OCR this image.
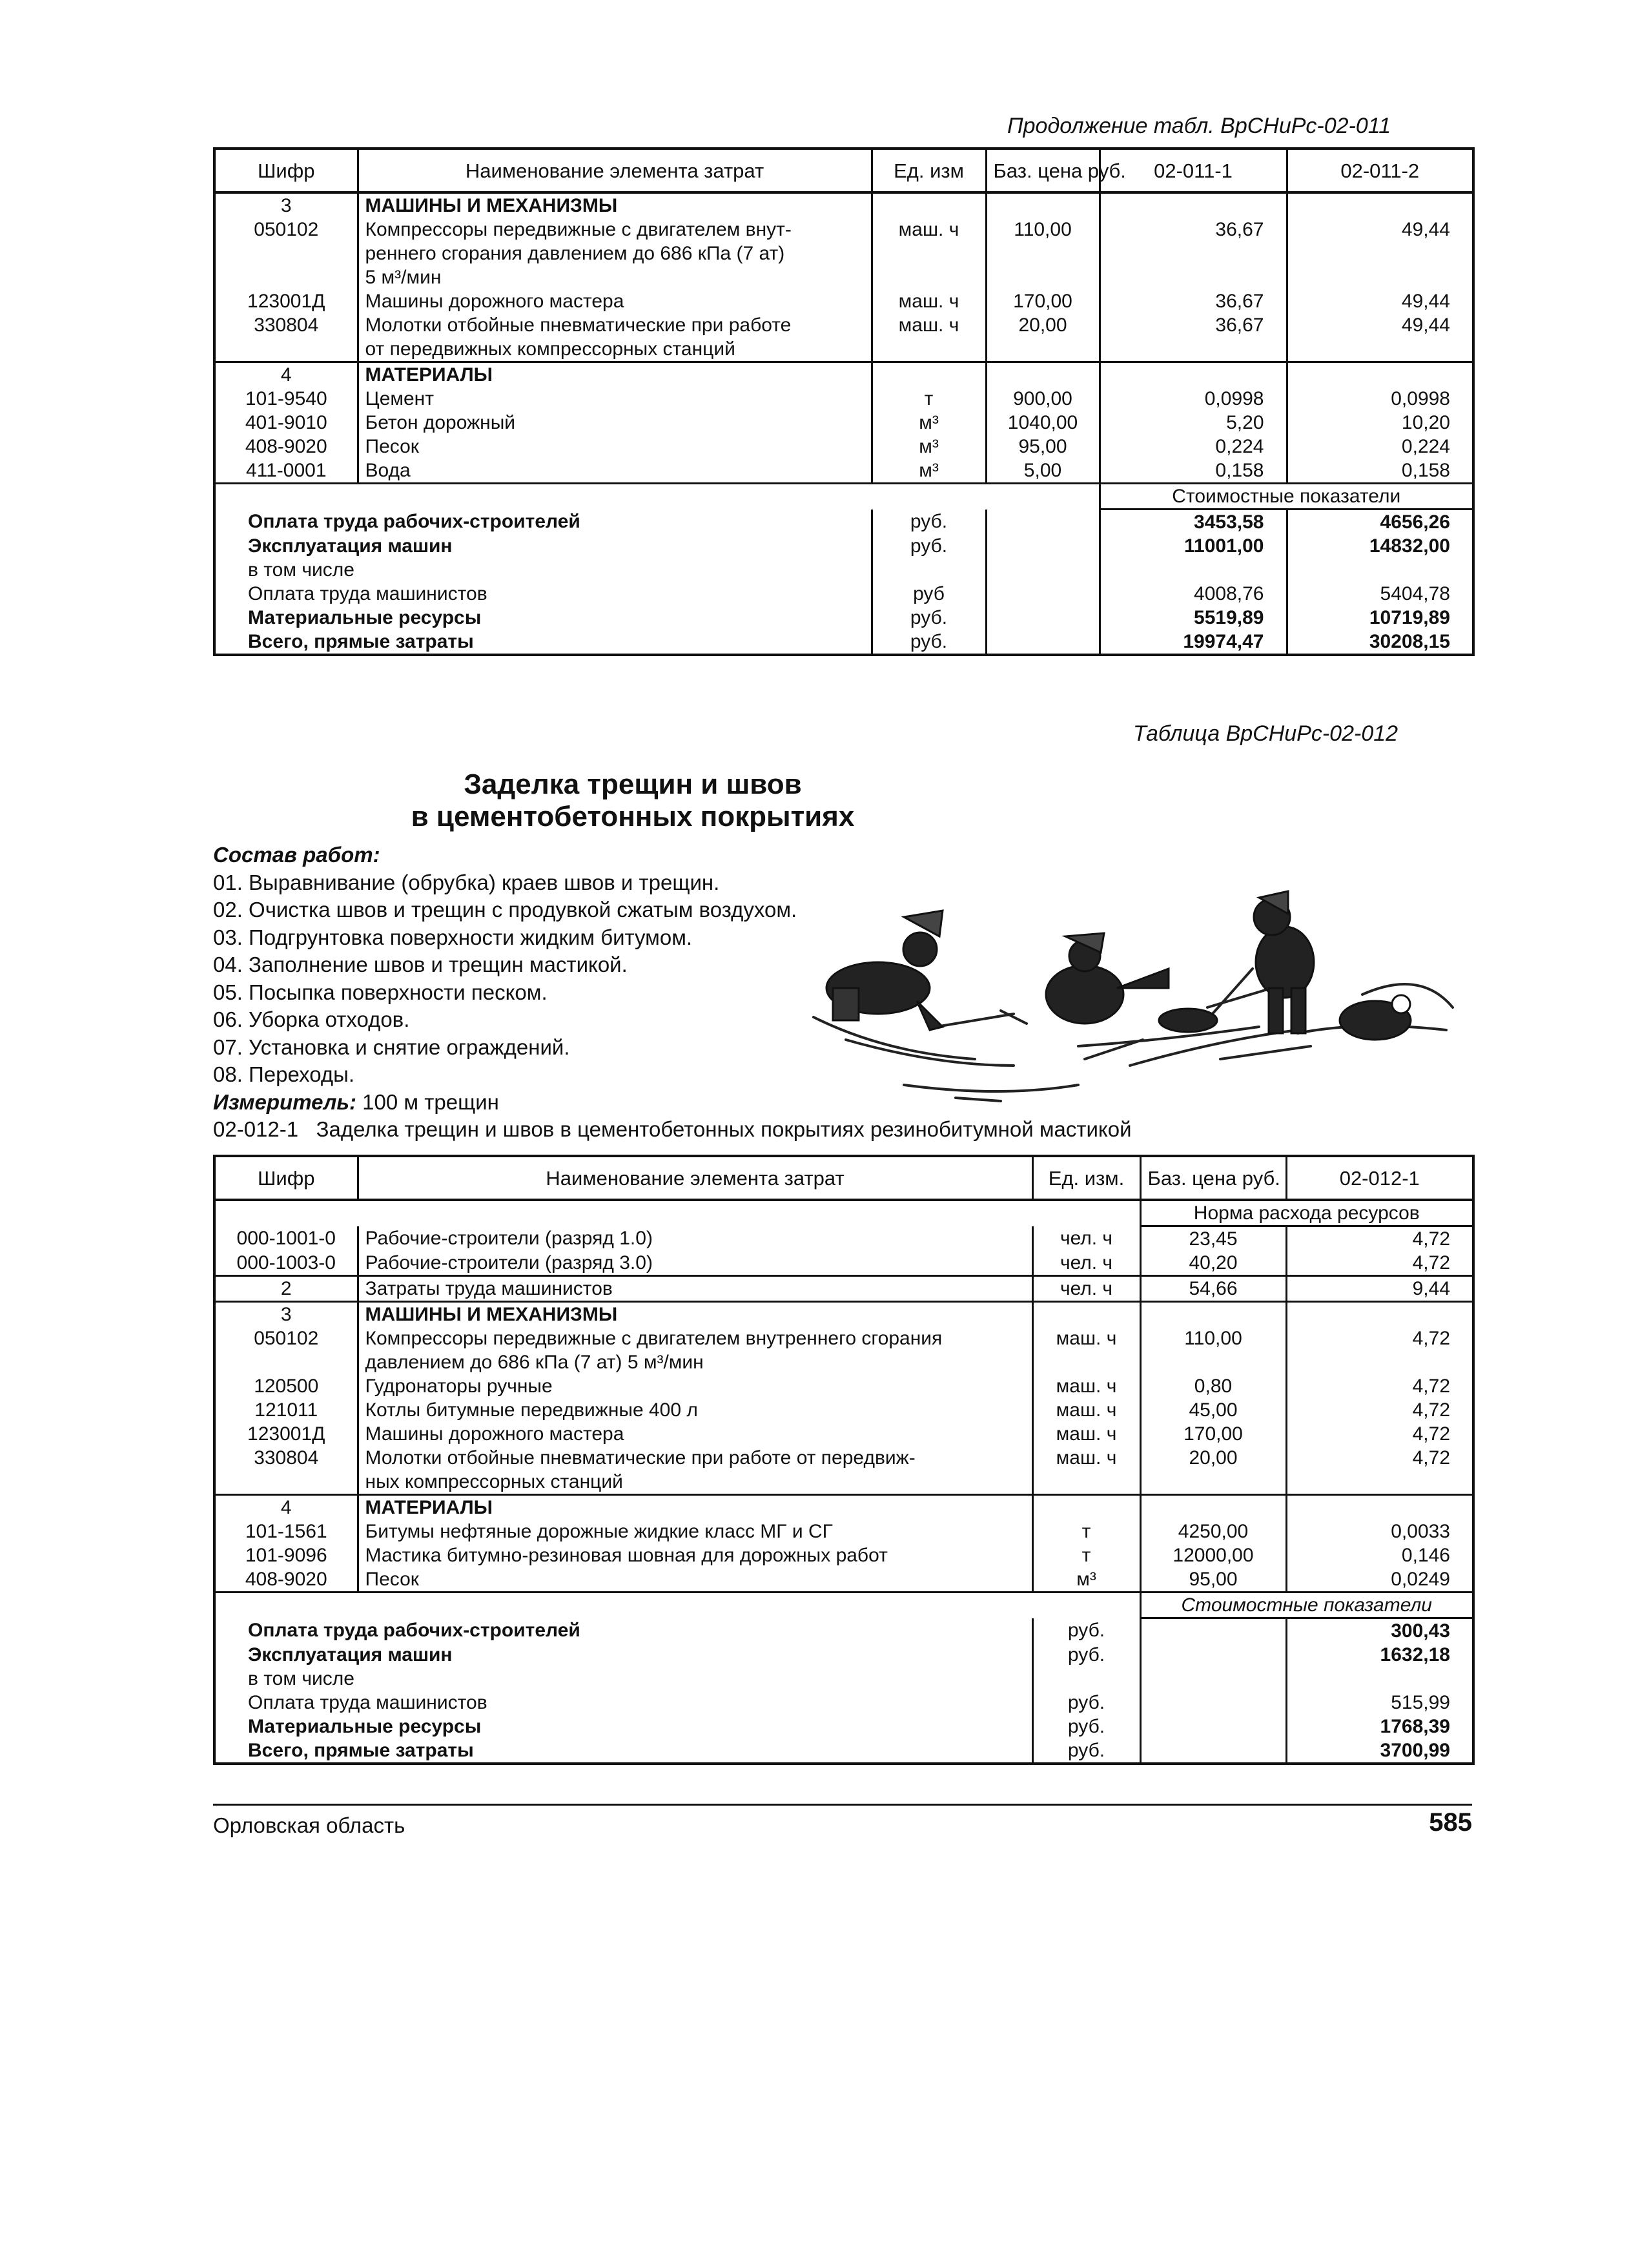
Продолжение табл. ВрСНиРс-02-011
Шифр	Наименование элемента затрат	Ед. изм	Баз. цена руб.	02-011-1	02-011-2
3	МАШИНЫ И МЕХАНИЗМЫ				
050102	Компрессоры передвижные с двигателем внут-	маш. ч	110,00	36,67	49,44
	реннего сгорания давлением до 686 кПа (7 ат)				
	5 м³/мин				
123001Д	Машины дорожного мастера	маш. ч	170,00	36,67	49,44
330804	Молотки отбойные пневматические при работе	маш. ч	20,00	36,67	49,44
	от передвижных компрессорных станций				
4	МАТЕРИАЛЫ				
101-9540	Цемент	т	900,00	0,0998	0,0998
401-9010	Бетон дорожный	м³	1040,00	5,20	10,20
408-9020	Песок	м³	95,00	0,224	0,224
411-0001	Вода	м³	5,00	0,158	0,158
				Стоимостные показатели	
Оплата труда рабочих-строителей		руб.		3453,58	4656,26
Эксплуатация машин		руб.		11001,00	14832,00
в том числе					
Оплата труда машинистов		руб		4008,76	5404,78
Материальные ресурсы		руб.		5519,89	10719,89
Всего, прямые затраты		руб.		19974,47	30208,15
Таблица ВрСНиРс-02-012
Заделка трещин и швов
в цементобетонных покрытиях
Состав работ:
01. Выравнивание (обрубка) краев швов и трещин.
02. Очистка швов и трещин с продувкой сжатым воздухом.
03. Подгрунтовка поверхности жидким битумом.
04. Заполнение швов и трещин мастикой.
05. Посыпка поверхности песком.
06. Уборка отходов.
07. Установка и снятие ограждений.
08. Переходы.
Измеритель: 100 м трещин
02-012-1   Заделка трещин и швов в цементобетонных покрытиях резинобитумной мастикой
Шифр	Наименование элемента затрат	Ед. изм.	Баз. цена руб.	02-012-1
			Норма расхода ресурсов	
000-1001-0	Рабочие-строители (разряд 1.0)	чел. ч	23,45	4,72
000-1003-0	Рабочие-строители (разряд 3.0)	чел. ч	40,20	4,72
2	Затраты труда машинистов	чел. ч	54,66	9,44
3	МАШИНЫ И МЕХАНИЗМЫ			
050102	Компрессоры передвижные с двигателем внутреннего сгорания	маш. ч	110,00	4,72
	давлением до 686 кПа (7 ат) 5 м³/мин			
120500	Гудронаторы ручные	маш. ч	0,80	4,72
121011	Котлы битумные передвижные 400 л	маш. ч	45,00	4,72
123001Д	Машины дорожного мастера	маш. ч	170,00	4,72
330804	Молотки отбойные пневматические при работе от передвиж-	маш. ч	20,00	4,72
	ных компрессорных станций			
4	МАТЕРИАЛЫ			
101-1561	Битумы нефтяные дорожные жидкие класс МГ и СГ	т	4250,00	0,0033
101-9096	Мастика битумно-резиновая шовная для дорожных работ	т	12000,00	0,146
408-9020	Песок	м³	95,00	0,0249
			Стоимостные показатели	
Оплата труда рабочих-строителей		руб.		300,43
Эксплуатация машин		руб.		1632,18
в том числе				
Оплата труда машинистов		руб.		515,99
Материальные ресурсы		руб.		1768,39
Всего, прямые затраты		руб.		3700,99
Орловская область	585
